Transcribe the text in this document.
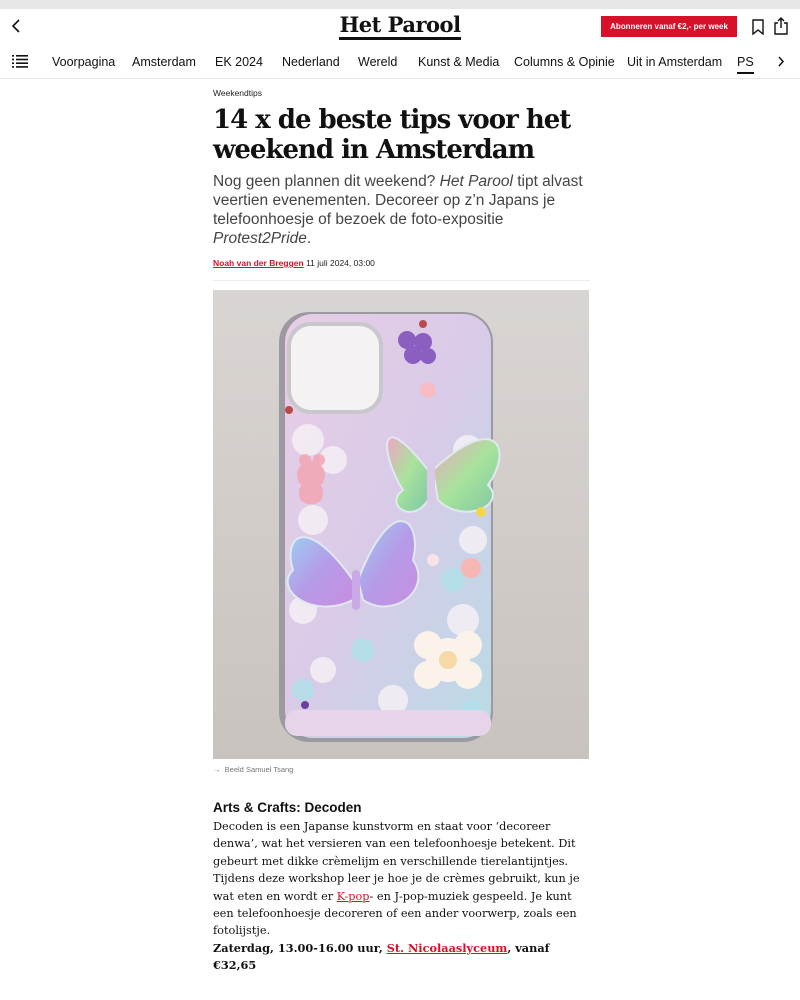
Het Parool	Abonneren vanaf €2,- per week
Voorpagina Amsterdam EK 2024 Nederland Wereld Kunst & Media Columns & Opinie Uit in Amsterdam PS
Weekendtips
14 x de beste tips voor het weekend in Amsterdam

Nog geen plannen dit weekend? Het Parool tipt alvast veertien evenementen. Decoreer op z’n Japans je telefoonhoesje of bezoek de foto-expositie Protest2Pride.

Noah van der Breggen 11 juli 2024, 03:00
→ Beeld Samuel Tsang
Arts & Crafts: Decoden

Decoden is een Japanse kunstvorm en staat voor ‘decoreer denwa’, wat het versieren van een telefoonhoesje betekent. Dit gebeurt met dikke crèmelijm en verschillende tierelantijntjes. Tijdens deze workshop leer je hoe je de crèmes gebruikt, kun je wat eten en wordt er K-pop- en J-pop-muziek gespeeld. Je kunt een telefoonhoesje decoreren of een ander voorwerp, zoals een fotolijstje.

Zaterdag, 13.00-16.00 uur, St. Nicolaaslyceum, vanaf €32,65
